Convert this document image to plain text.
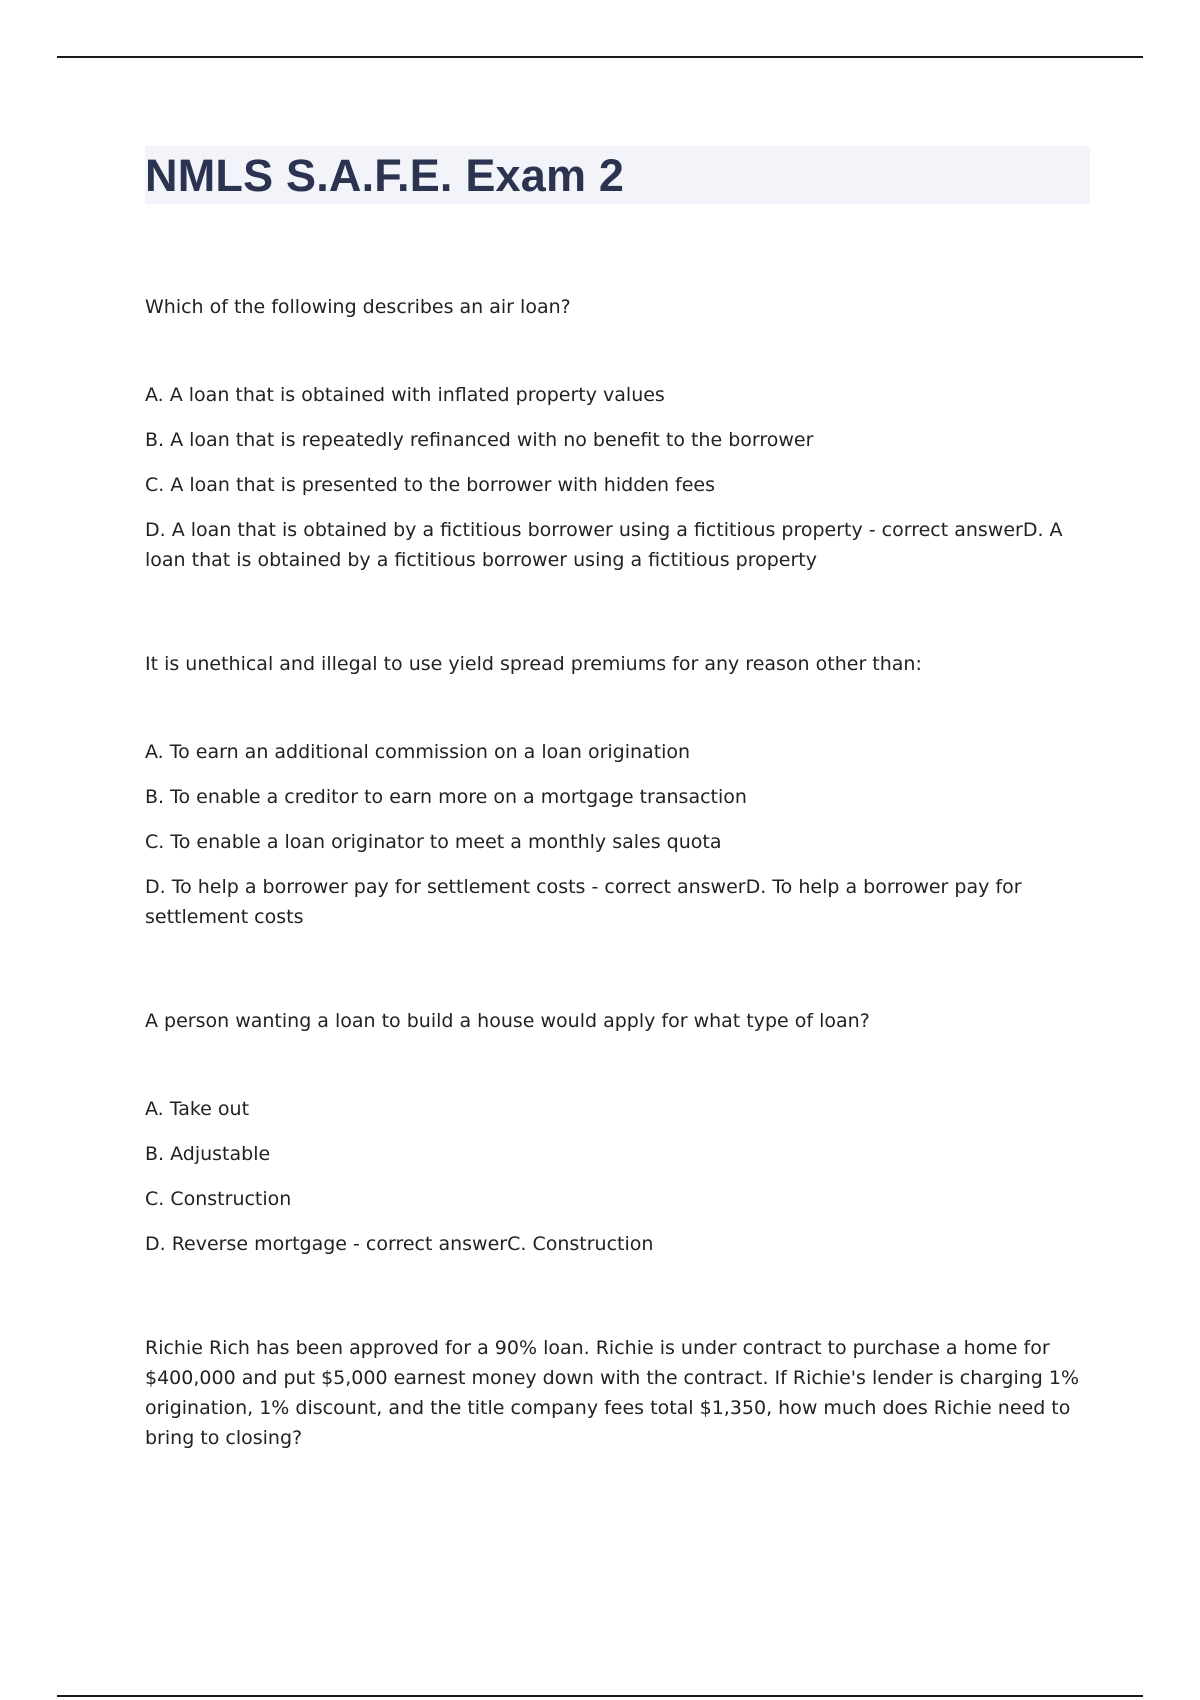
NMLS S.A.F.E. Exam 2

Which of the following describes an air loan?

A. A loan that is obtained with inflated property values

B. A loan that is repeatedly refinanced with no benefit to the borrower

C. A loan that is presented to the borrower with hidden fees

D. A loan that is obtained by a fictitious borrower using a fictitious property - correct answerD. A loan that is obtained by a fictitious borrower using a fictitious property

It is unethical and illegal to use yield spread premiums for any reason other than:

A. To earn an additional commission on a loan origination

B. To enable a creditor to earn more on a mortgage transaction

C. To enable a loan originator to meet a monthly sales quota

D. To help a borrower pay for settlement costs - correct answerD. To help a borrower pay for settlement costs

A person wanting a loan to build a house would apply for what type of loan?

A. Take out

B. Adjustable

C. Construction

D. Reverse mortgage - correct answerC. Construction

Richie Rich has been approved for a 90% loan. Richie is under contract to purchase a home for $400,000 and put $5,000 earnest money down with the contract. If Richie's lender is charging 1% origination, 1% discount, and the title company fees total $1,350, how much does Richie need to bring to closing?
